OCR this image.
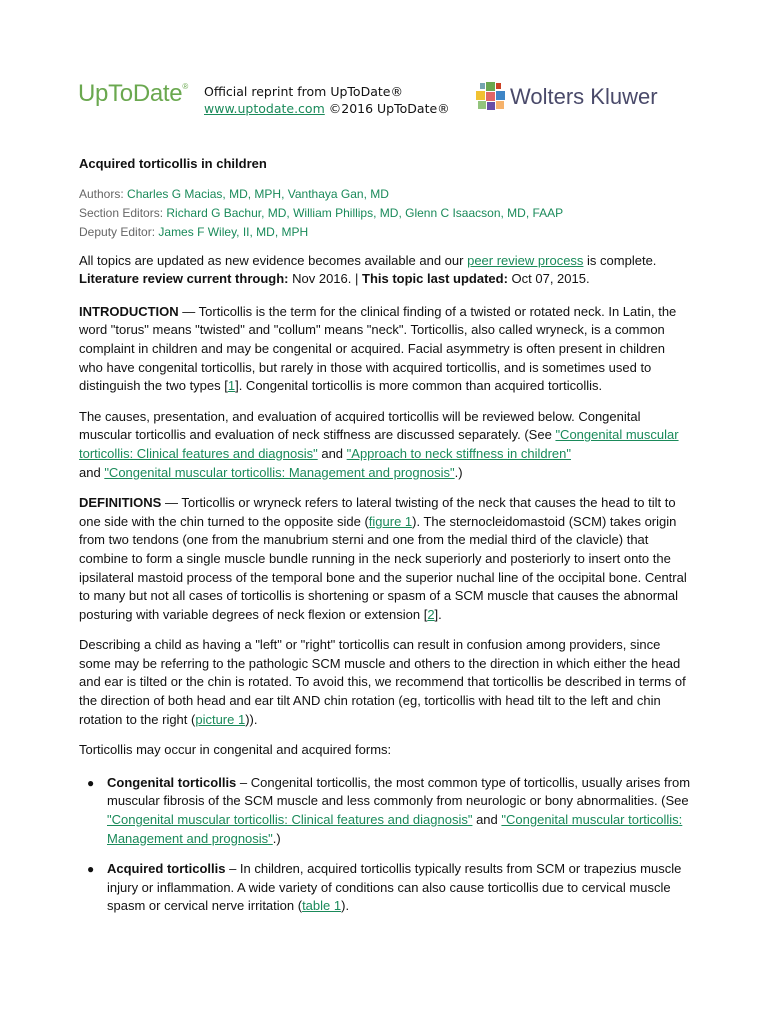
UpToDate® Official reprint from UpToDate®
www.uptodate.com ©2016 UpToDate®	Wolters Kluwer
Acquired torticollis in children
Authors: Charles G Macias, MD, MPH, Vanthaya Gan, MD
Section Editors: Richard G Bachur, MD, William Phillips, MD, Glenn C Isaacson, MD, FAAP
Deputy Editor: James F Wiley, II, MD, MPH

All topics are updated as new evidence becomes available and our peer review process is complete.
Literature review current through: Nov 2016. | This topic last updated: Oct 07, 2015.

INTRODUCTION — Torticollis is the term for the clinical finding of a twisted or rotated neck. In Latin, the word "torus" means "twisted" and "collum" means "neck". Torticollis, also called wryneck, is a common complaint in children and may be congenital or acquired. Facial asymmetry is often present in children who have congenital torticollis, but rarely in those with acquired torticollis, and is sometimes used to distinguish the two types [1]. Congenital torticollis is more common than acquired torticollis.

The causes, presentation, and evaluation of acquired torticollis will be reviewed below. Congenital muscular torticollis and evaluation of neck stiffness are discussed separately. (See "Congenital muscular torticollis: Clinical features and diagnosis" and "Approach to neck stiffness in children"
and "Congenital muscular torticollis: Management and prognosis".)

DEFINITIONS — Torticollis or wryneck refers to lateral twisting of the neck that causes the head to tilt to one side with the chin turned to the opposite side (figure 1). The sternocleidomastoid (SCM) takes origin from two tendons (one from the manubrium sterni and one from the medial third of the clavicle) that combine to form a single muscle bundle running in the neck superiorly and posteriorly to insert onto the ipsilateral mastoid process of the temporal bone and the superior nuchal line of the occipital bone. Central to many but not all cases of torticollis is shortening or spasm of a SCM muscle that causes the abnormal posturing with variable degrees of neck flexion or extension [2].

Describing a child as having a "left" or "right" torticollis can result in confusion among providers, since some may be referring to the pathologic SCM muscle and others to the direction in which either the head and ear is tilted or the chin is rotated. To avoid this, we recommend that torticollis be described in terms of the direction of both head and ear tilt AND chin rotation (eg, torticollis with head tilt to the left and chin rotation to the right (picture 1)).

Torticollis may occur in congenital and acquired forms:

● Congenital torticollis – Congenital torticollis, the most common type of torticollis, usually arises from muscular fibrosis of the SCM muscle and less commonly from neurologic or bony abnormalities. (See "Congenital muscular torticollis: Clinical features and diagnosis" and "Congenital muscular torticollis: Management and prognosis".)
● Acquired torticollis – In children, acquired torticollis typically results from SCM or trapezius muscle injury or inflammation. A wide variety of conditions can also cause torticollis due to cervical muscle spasm or cervical nerve irritation (table 1).
